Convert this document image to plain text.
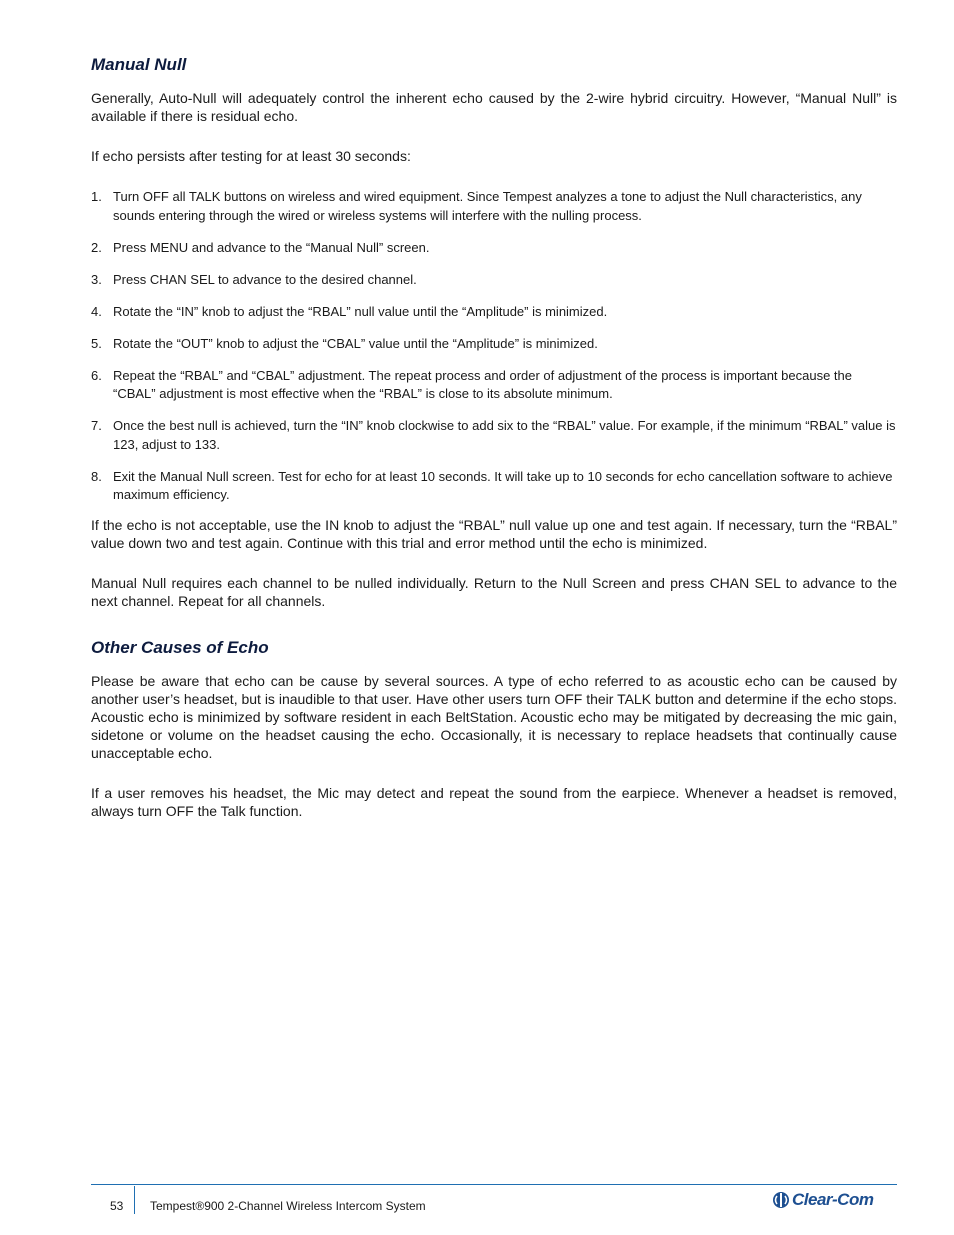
Manual Null

Generally, Auto-Null will adequately control the inherent echo caused by the 2-wire hybrid circuitry. However, “Manual Null” is available if there is residual echo.

If echo persists after testing for at least 30 seconds:

1. Turn OFF all TALK buttons on wireless and wired equipment. Since Tempest analyzes a tone to adjust the Null characteristics, any sounds entering through the wired or wireless systems will interfere with the nulling process.
2. Press MENU and advance to the “Manual Null” screen.
3. Press CHAN SEL to advance to the desired channel.
4. Rotate the “IN” knob to adjust the “RBAL” null value until the “Amplitude” is minimized.
5. Rotate the “OUT” knob to adjust the “CBAL” value until the “Amplitude” is minimized.
6. Repeat the “RBAL” and “CBAL” adjustment. The repeat process and order of adjustment of the process is important because the “CBAL” adjustment is most effective when the “RBAL” is close to its absolute minimum.
7. Once the best null is achieved, turn the “IN” knob clockwise to add six to the “RBAL” value. For example, if the minimum “RBAL” value is 123, adjust to 133.
8. Exit the Manual Null screen. Test for echo for at least 10 seconds. It will take up to 10 seconds for echo cancellation software to achieve maximum efficiency.

If the echo is not acceptable, use the IN knob to adjust the “RBAL” null value up one and test again. If necessary, turn the “RBAL” value down two and test again. Continue with this trial and error method until the echo is minimized.

Manual Null requires each channel to be nulled individually. Return to the Null Screen and press CHAN SEL to advance to the next channel. Repeat for all channels.

Other Causes of Echo

Please be aware that echo can be cause by several sources. A type of echo referred to as acoustic echo can be caused by another user’s headset, but is inaudible to that user. Have other users turn OFF their TALK button and determine if the echo stops. Acoustic echo is minimized by software resident in each BeltStation. Acoustic echo may be mitigated by decreasing the mic gain, sidetone or volume on the headset causing the echo. Occasionally, it is necessary to replace headsets that continually cause unacceptable echo.

If a user removes his headset, the Mic may detect and repeat the sound from the earpiece. Whenever a headset is removed, always turn OFF the Talk function.

53 Tempest®900 2-Channel Wireless Intercom System	Clear-Com
